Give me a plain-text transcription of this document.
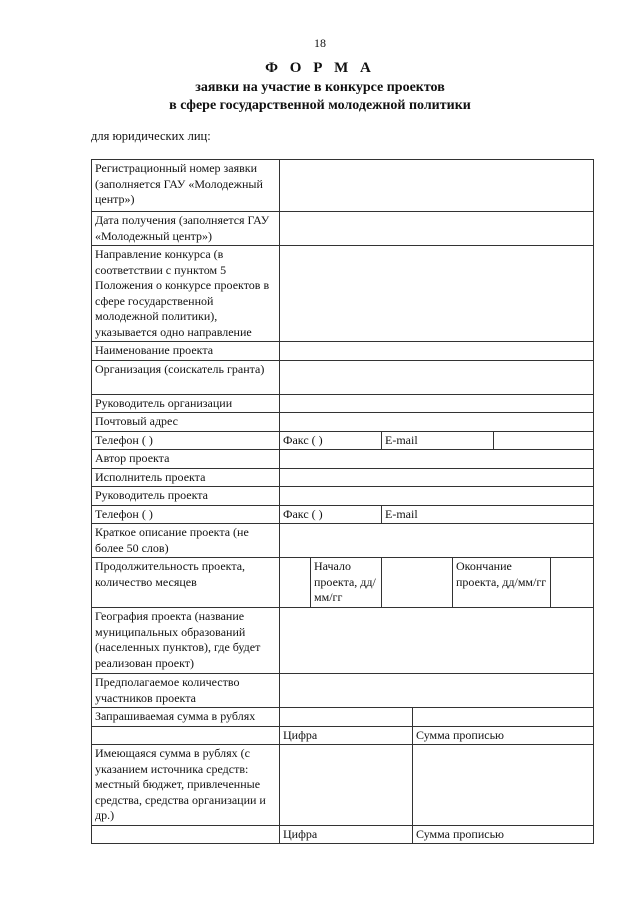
18
Ф О Р М А
заявки на участие в конкурсе проектов
в сфере государственной молодежной политики
для юридических лиц:
Регистрационный номер заявки (заполняется ГАУ «Молодежный центр»)							
Дата получения (заполняется ГАУ «Молодежный центр»)							
Направление конкурса (в соответствии с пунктом 5 Положения о конкурсе проектов в сфере государственной молодежной политики), указывается одно направление							
Наименование проекта							
Организация (соискатель гранта)							
Руководитель организации							
Почтовый адрес							
Телефон ( )	Факс ( )		E-mail				
Автор проекта							
Исполнитель проекта							
Руководитель проекта							
Телефон ( )	Факс ( )		E-mail				
Краткое описание проекта (не более 50 слов)							
Продолжительность проекта, количество месяцев		Начало проекта, дд/мм/гг			Окончание проекта, дд/мм/гг		
География проекта (название муниципальных образований (населенных пунктов), где будет реализован проект)							
Предполагаемое количество участников проекта							
Запрашиваемая сумма в рублях							
	Цифра			Сумма прописью			
Имеющаяся сумма в рублях (с указанием источника средств: местный бюджет, привлеченные средства, средства организации и др.)							
	Цифра			Сумма прописью			
